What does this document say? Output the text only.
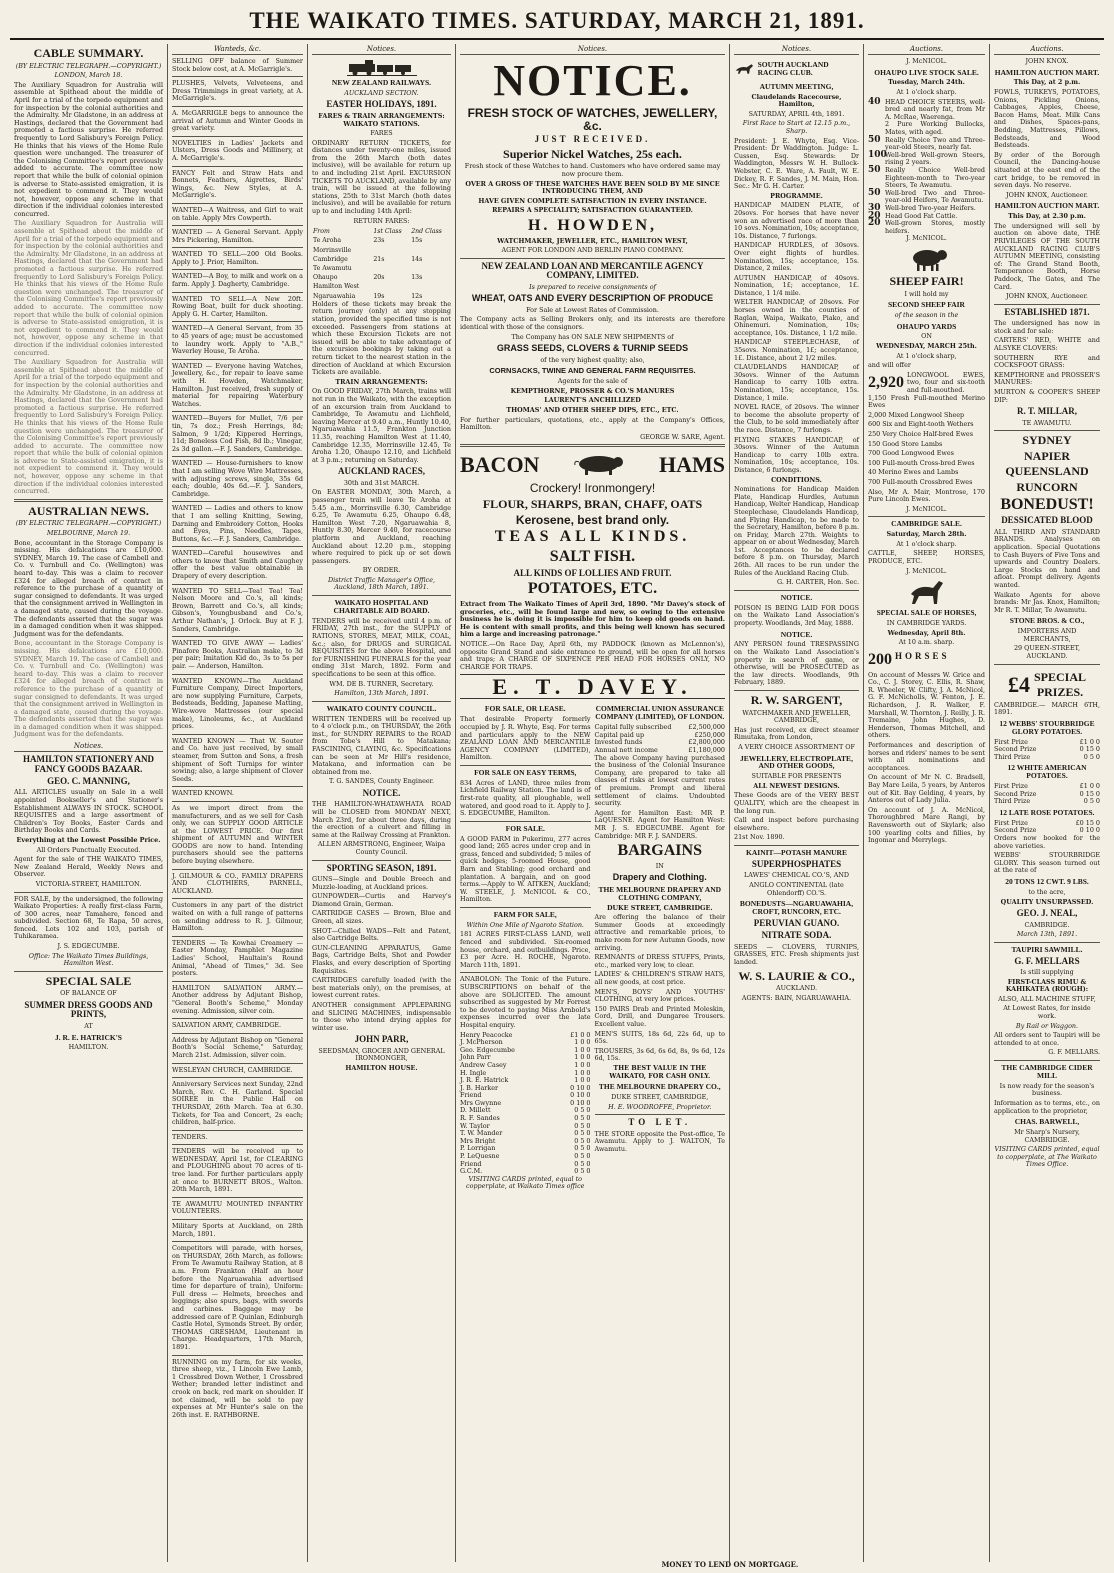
THE WAIKATO TIMES. SATURDAY, MARCH 21, 1891.
CABLE SUMMARY.

(BY ELECTRIC TELEGRAPH.—COPYRIGHT.)

LONDON, March 18.

The Auxiliary Squadron for Australia will assemble at Spithead about the middle of April for a trial of the torpedo equipment and for inspection by the colonial authorities and the Admiralty. Mr Gladstone, in an address at Hastings, declared that the Government had promoted a factious surprise. He referred frequently to Lord Salisbury's Foreign Policy. He thinks that his views of the Home Rule question were unchanged. The treasurer of the Colonising Committee's report previously added to accurate. The committee now report that while the bulk of colonial opinion is adverse to State-assisted emigration, it is not expedient to commend it. They would not, however, oppose any scheme in that direction if the individual colonies interested concurred.

The Auxiliary Squadron for Australia will assemble at Spithead about the middle of April for a trial of the torpedo equipment and for inspection by the colonial authorities and the Admiralty. Mr Gladstone, in an address at Hastings, declared that the Government had promoted a factious surprise. He referred frequently to Lord Salisbury's Foreign Policy. He thinks that his views of the Home Rule question were unchanged. The treasurer of the Colonising Committee's report previously added to accurate. The committee now report that while the bulk of colonial opinion is adverse to State-assisted emigration, it is not expedient to commend it. They would not, however, oppose any scheme in that direction if the individual colonies interested concurred.

The Auxiliary Squadron for Australia will assemble at Spithead about the middle of April for a trial of the torpedo equipment and for inspection by the colonial authorities and the Admiralty. Mr Gladstone, in an address at Hastings, declared that the Government had promoted a factious surprise. He referred frequently to Lord Salisbury's Foreign Policy. He thinks that his views of the Home Rule question were unchanged. The treasurer of the Colonising Committee's report previously added to accurate. The committee now report that while the bulk of colonial opinion is adverse to State-assisted emigration, it is not expedient to commend it. They would not, however, oppose any scheme in that direction if the individual colonies interested concurred.

AUSTRALIAN NEWS.

(BY ELECTRIC TELEGRAPH.—COPYRIGHT.)

MELBOURNE, March 19.

Bone, accountant in the Storage Company is missing. His defalcations are £10,000. SYDNEY, March 19. The case of Cambell and Co. v. Turnbull and Co. (Wellington) was heard to-day. This was a claim to recover £324 for alleged breach of contract in reference to the purchase of a quantity of sugar consigned to defendants. It was urged that the consignment arrived in Wellington in a damaged state, caused during the voyage. The defendants asserted that the sugar was in a damaged condition when it was shipped. Judgment was for the defendants.

Bone, accountant in the Storage Company is missing. His defalcations are £10,000. SYDNEY, March 19. The case of Cambell and Co. v. Turnbull and Co. (Wellington) was heard to-day. This was a claim to recover £324 for alleged breach of contract in reference to the purchase of a quantity of sugar consigned to defendants. It was urged that the consignment arrived in Wellington in a damaged state, caused during the voyage. The defendants asserted that the sugar was in a damaged condition when it was shipped. Judgment was for the defendants.

Notices.
HAMILTON STATIONERY AND FANCY GOODS BAZAAR.
GEO. C. MANNING,

ALL ARTICLES usually on Sale in a well appointed Bookseller's and Stationer's Establishment ALWAYS IN STOCK. SCHOOL REQUISITES and a large assortment of Children's Toy Books, Easter Cards and Birthday Books and Cards.

Everything at the Lowest Possible Price.

All Orders Punctually Executed.

Agent for the sale of THE WAIKATO TIMES, New Zealand Herald, Weekly News and Observer.

VICTORIA-STREET, HAMILTON.

FOR SALE, by the undersigned, the following Waikato Properties: A really first-class Farm, of 300 acres, near Tamahere, fenced and subdivided. Section 68, Te Rapa, 50 acres, fenced. Lots 102 and 103, parish of Tuhikaramea.

J. S. EDGECUMBE.

Office: The Waikato Times Buildings, Hamilton West.

SPECIAL SALE

OF BALANCE OF

SUMMER DRESS GOODS AND PRINTS,

AT

J. R. E. HATRICK'S

HAMILTON.

Wanteds, &c.

SELLING OFF balance of Summer Stock below cost, at A. McGarrigle's.

PLUSHES, Velvets, Velveteens, and Dress Trimmings in great variety, at A. McGarrigle's.

A. McGARRIGLE begs to announce the arrival of Autumn and Winter Goods in great variety.

NOVELTIES in Ladies' Jackets and Ulsters, Dress Goods and Millinery, at A. McGarrigle's.

FANCY Felt and Straw Hats and Bonnets, Feathers, Aigrettes, Birds' Wings, &c. New Styles, at A. McGarrigle's.

WANTED—A Waitress, and Girl to wait on table. Apply Mrs Cowperth.

WANTED — A General Servant. Apply Mrs Pickering, Hamilton.

WANTED TO SELL—200 Old Books. Apply to J. Prior, Hamilton.

WANTED—A Boy, to milk and work on a farm. Apply J. Dagherty, Cambridge.

WANTED TO SELL—A New 20ft. Rowing Boat, built for duck shooting. Apply G. H. Carter, Hamilton.

WANTED—A General Servant, from 35 to 45 years of age; must be accustomed to laundry work. Apply to "A.B.," Waverley House, Te Aroha.

WANTED — Everyone having Watches, Jewellery, &c., for repair to leave same with H. Howden, Watchmaker, Hamilton. Just received, fresh supply of material for repairing Waterbury Watches.

WANTED—Buyers for Mullet, 7/6 per tin, 7s doz.; Fresh Herrings, 8d; Salmon, 9 1/2d; Kippered Herrings, 11d; Boneless Cod Fish, 8d lb.; Vinegar, 2s 3d gallon.—F. J. Sanders, Cambridge.

WANTED — House-furnishers to know that I am selling Wove Wire Mattresses, with adjusting screws, single, 35s 6d each; double, 40s 6d.—F. J. Sanders, Cambridge.

WANTED — Ladies and others to know that I am selling Knitting, Sewing, Darning and Embroidery Cotton, Hooks and Eyes, Pins, Needles, Tapes, Buttons, &c.—F. J. Sanders, Cambridge.

WANTED—Careful housewives and others to know that Smith and Caughey offer the best value obtainable in Drapery of every description.

WANTED TO SELL—Tea! Tea! Tea! Nelson Moore and Co.'s, all kinds; Brown, Barrett and Co.'s, all kinds; Gibson's, Youngbusband and Co.'s, Arthur Nathan's, J. Orlock. Buy at F. J. Sanders, Cambridge.

WANTED TO GIVE AWAY — Ladies' Pinafore Books, Australian make, to 3d per pair; Imitation Kid do., 3s to 5s per pair. — Anderson, Hamilton.

WANTED KNOWN—The Auckland Furniture Company, Direct Importers, are now supplying Furniture, Carpets, Bedsteads, Bedding, Japanese Matting, Wire-wove Mattresses (our special make), Linoleums, &c., at Auckland prices.

WANTED KNOWN — That W. Souter and Co. have just received, by small steamer, from Sutton and Sons, a fresh shipment of Soft Turnips for winter sowing; also, a large shipment of Clover Seeds.

WANTED KNOWN.

As we import direct from the manufacturers, and as we sell for Cash only, we can SUPPLY GOOD ARTICLE at the LOWEST PRICE. Our first shipment of AUTUMN and WINTER GOODS are now to hand. Intending purchasers should see the patterns before buying elsewhere.

J. GILMOUR & CO., FAMILY DRAPERS AND CLOTHIERS, PARNELL, AUCKLAND.

Customers in any part of the district waited on with a full range of patterns on sending address to R. J. Gilmour, Hamilton.

TENDERS — Te Kowhai Creamery — Easter Monday, Pamphlet Magazine Ladies' School, Haultain's Round Animal, "Ahead of Times," 3d. See posters.

HAMILTON SALVATION ARMY.— Another address by Adjutant Bishop, "General Booth's Scheme," Monday evening. Admission, silver coin.

SALVATION ARMY, CAMBRIDGE.

Address by Adjutant Bishop on "General Booth's Social Scheme," Saturday, March 21st. Admission, silver coin.

WESLEYAN CHURCH, CAMBRIDGE.

Anniversary Services next Sunday, 22nd March, Rev. C. H. Garland. Special SOIREE in the Public Hall on THURSDAY, 26th March. Tea at 6.30. Tickets, for Tea and Concert, 2s each; children, half-price.

TENDERS.

TENDERS will be received up to WEDNESDAY, April 1st, for CLEARING and PLOUGHING about 70 acres of ti-tree land. For further particulars apply at once to BURNETT BROS., Walton. 20th March, 1891.

TE AWAMUTU MOUNTED INFANTRY VOLUNTEERS.

Military Sports at Auckland, on 28th March, 1891.

Competitors will parade, with horses, on THURSDAY, 26th March, as follows: From Te Awamutu Railway Station, at 8 a.m. From Frankton (Half an hour before the Ngaruawahia advertised time for departure of train), Uniform: Full dress — Helmets, breeches and leggings; also spurs, bags, with swords and carbines. Baggage may be addressed care of P. Quinlan, Edinburgh Castle Hotel, Symonds Street. By order, THOMAS GRESHAM, Lieutenant in Charge. Headquarters, 17th March, 1891.

RUNNING on my farm, for six weeks, three sheep, viz., 1 Lincoln Ewe Lamb, 1 Crossbred Down Wether, 1 Crossbred Wether; branded letter indistinct and crook on back, red mark on shoulder. If not claimed, will be sold to pay expenses at Mr Hunter's sale on the 26th inst. E. RATHBORNE.

Notices.
NEW ZEALAND RAILWAYS.

AUCKLAND SECTION.

EASTER HOLIDAYS, 1891.

FARES & TRAIN ARRANGEMENTS: WAIKATO STATIONS.

FARES

ORDINARY RETURN TICKETS, for distances under twenty-one miles, issued from the 26th March (both dates inclusive), will be available for return up to and including 21st April. EXCURSION TICKETS TO AUCKLAND, available by any train, will be issued at the following stations, 25th to 31st March (both dates inclusive), and will be available for return up to and including 14th April:

RETURN FARES:

From	1st Class	2nd Class
Te Aroha	23s	15s
Morrinsville		
Cambridge	21s	14s
Te Awamutu		
Ohaupo	20s	13s
Hamilton West		
Ngaruawahia	19s	12s

Holders of these tickets may break the return journey (only) at any stopping station, provided the specified time is not exceeded. Passengers from stations at which these Excursion Tickets are not issued will be able to take advantage of the excursion bookings by taking out a return ticket to the nearest station in the direction of Auckland at which Excursion Tickets are available.

TRAIN ARRANGEMENTS:

On GOOD FRIDAY, 27th March, trains will not run in the Waikato, with the exception of an excursion train from Auckland to Cambridge, Te Awamutu and Lichfield, leaving Mercer at 9.40 a.m., Huntly 10.40, Ngaruawahia 11.5, Frankton Junction 11.35, reaching Hamilton West at 11.40, Cambridge 12.35, Morrinsville 12.45, Te Aroha 1.20, Ohaupo 12.10, and Lichfield at 3 p.m.; returning on Saturday.

AUCKLAND RACES,

30th and 31st MARCH.

On EASTER MONDAY, 30th March, a passenger train will leave Te Aroha at 5.45 a.m., Morrinsville 6.30, Cambridge 6.25, Te Awamutu 6.25, Ohaupo 6.48, Hamilton West 7.20, Ngaruawahia 8, Huntly 8.30, Mercer 9.40, for racecourse platform and Auckland, reaching Auckland about 12.20 p.m., stopping where required to pick up or set down passengers.

BY ORDER.

District Traffic Manager's Office, Auckland, 18th March, 1891.

WAIKATO HOSPITAL AND CHARITABLE AID BOARD.

TENDERS will be received until 4 p.m. of FRIDAY, 27th inst., for the SUPPLY of RATIONS, STORES, MEAT, MILK, COAL, &c.; also, for DRUGS and SURGICAL REQUISITES for the above Hospital, and for FURNISHING FUNERALS for the year ending 31st March, 1892. Form and specifications to be seen at this office.

WM. DE B. TURNER, Secretary.

Hamilton, 13th March, 1891.

WAIKATO COUNTY COUNCIL.

WRITTEN TENDERS will be received up to 4 o'clock p.m., on THURSDAY, the 26th inst., for SUNDRY REPAIRS to the ROAD from Tobe's Hill to Matakana; FASCINING, CLAYING, &c. Specifications can be seen at Mr Hill's residence, Matakana, and information can be obtained from me.

T. G. SANDES, County Engineer.

NOTICE.

THE HAMILTON-WHATAWHATA ROAD will be CLOSED from MONDAY NEXT, March 23rd, for about three days, during the erection of a culvert and filling in same at the Railway Crossing at Frankton.

ALLEN ARMSTRONG, Engineer, Waipa County Council.

SPORTING SEASON, 1891.

GUNS—Single and Double Breech and Muzzle-loading, at Auckland prices.

GUNPOWDER—Curtis and Harvey's Diamond Grain, German.

CARTRIDGE CASES — Brown, Blue and Green, all sizes.

SHOT—Chilled WADS—Felt and Patent, also Cartridge Belts.

GUN-CLEANING APPARATUS, Game Bags, Cartridge Belts, Shot and Powder Flasks, and every description of Sporting Requisites.

CARTRIDGES carefully loaded (with the best materials only), on the premises, at lowest current rates.

ANOTHER consignment APPLEPARING and SLICING MACHINES, indispensable to those who intend drying apples for winter use.

JOHN PARR,

SEEDSMAN, GROCER AND GENERAL IRONMONGER,

HAMILTON HOUSE.

Notices.
NOTICE.
FRESH STOCK OF WATCHES, JEWELLERY, &c.
JUST RECEIVED.
Superior Nickel Watches, 25s each.

Fresh stock of these Watches to hand. Customers who have ordered same may now procure them.

OVER A GROSS OF THESE WATCHES HAVE BEEN SOLD BY ME SINCE INTRODUCING THEM, AND

HAVE GIVEN COMPLETE SATISFACTION IN EVERY INSTANCE.

REPAIRS A SPECIALITY; SATISFACTION GUARANTEED.

H. HOWDEN,

WATCHMAKER, JEWELLER, ETC., HAMILTON WEST,

AGENT FOR LONDON AND BERLIN PIANO COMPANY.

NEW ZEALAND LOAN AND MERCANTILE AGENCY COMPANY, LIMITED.

Is prepared to receive consignments of

WHEAT, OATS AND EVERY DESCRIPTION OF PRODUCE

For Sale at Lowest Rates of Commission.

The Company acts as Selling Brokers only, and its interests are therefore identical with those of the consignors.

The Company has ON SALE NEW SHIPMENTS of

GRASS SEEDS, CLOVERS & TURNIP SEEDS

of the very highest quality; also,

CORNSACKS, TWINE AND GENERAL FARM REQUISITES.

Agents for the sale of

KEMPTHORNE, PROSSER & CO.'S MANURES

LAURENT'S ANCHILLIZED

THOMAS' AND OTHER SHEEP DIPS, ETC., ETC.

For further particulars, quotations, etc., apply at the Company's Offices, Hamilton.

GEORGE W. SARE, Agent.

BACON	HAMS
Crockery! Ironmongery!
FLOUR, SHARPS, BRAN, CHAFF, OATS
Kerosene, best brand only.
TEAS ALL KINDS.
SALT FISH.
ALL KINDS OF LOLLIES AND FRUIT.
POTATOES, ETC.

Extract from The Waikato Times of April 3rd, 1890. "Mr Davey's stock of groceries, etc., will be found large and new, so owing to the extensive business he is doing it is impossible for him to keep old goods on hand. He is content with small profits, and this being well known has secured him a large and increasing patronage."

NOTICE.—On Race Day, April 6th, my PADDOCK (known as McLennon's), opposite Grand Stand and side entrance to ground, will be open for all horses and traps; A CHARGE OF SIXPENCE PER HEAD FOR HORSES ONLY, NO CHARGE FOR TRAPS.

E. T. DAVEY.
FOR SALE, OR LEASE.

That desirable Property formerly occupied by J. R. Whyte, Esq. For terms and particulars apply to the NEW ZEALAND LOAN AND MERCANTILE AGENCY COMPANY (LIMITED), Hamilton.

FOR SALE ON EASY TERMS,

834 Acres of LAND, three miles from Lichfield Railway Station. The land is of first-rate quality, all ploughable, well watered, and good road to it. Apply to J. S. EDGECUMBE, Hamilton.

FOR SALE.

A GOOD FARM in Pukerimu, 277 acres good land; 265 acres under crop and in grass, fenced and subdivided; 5 miles of quick hedges; 5-roomed House, good Barn and Stabling; good orchard and plantation. A bargain, and on good terms.—Apply to W. AITKEN, Auckland; W. STEELE, J. McNICOL & CO., Hamilton.

FARM FOR SALE,

Within One Mile of Ngaroto Station.

181 ACRES FIRST-CLASS LAND, well fenced and subdivided. Six-roomed house, orchard, and outbuildings. Price, £3 per Acre. H. ROCHE, Ngaroto. March 11th, 1891.

ANABOLON: The Tonic of the Future. SUBSCRIPTIONS on behalf of the above are SOLICITED. The amount subscribed as suggested by Mr Forrest to be devoted to paying Miss Arnbold's expenses incurred over the late Hospital enquiry.

Henry Peacocke	£1 0 0
J. McPherson	1 0 0
Geo. Edgecumbe	1 0 0
John Parr	1 0 0
Andrew Casey	1 0 0
H. Ingle	1 0 0
J. R. E. Hatrick	1 0 0
J. B. Harker	0 10 0
Friend	0 10 0
Mrs Gwynne	0 10 0
D. Millett	0 5 0
R. F. Sandes	0 5 0
W. Taylor	0 5 0
T. W. Mander	0 5 0
Mrs Bright	0 5 0
P. Lorrigan	0 5 0
P. LeQuesne	0 5 0
Friend	0 5 0
G.C.M.	0 5 0

VISITING CARDS printed, equal to copperplate, at Waikato Times office

COMMERCIAL UNION ASSURANCE COMPANY (LIMITED), OF LONDON.
Capital fully subscribed	£2,500,000
Capital paid up	£250,000
Invested funds	£2,800,000
Annual nett income	£1,180,000

The above Company having purchased the business of the Colonial Insurance Company, are prepared to take all classes of risks at lowest current rates of premium. Prompt and liberal settlement of claims. Undoubted security.

Agent for Hamilton East: MR P. LaQUESNE. Agent for Hamilton West: MR J. S. EDGECUMBE. Agent for Cambridge: MR F. J. SANDERS.

BARGAINS

IN

Drapery and Clothing.
THE MELBOURNE DRAPERY AND CLOTHING COMPANY,

DUKE STREET, CAMBRIDGE.

Are offering the balance of their Summer Goods at exceedingly attractive and remarkable prices, to make room for new Autumn Goods, now arriving.

REMNANTS of DRESS STUFFS, Prints, etc., marked very low, to clear.

LADIES' & CHILDREN'S STRAW HATS, all new goods, at cost price.

MEN'S, BOYS' AND YOUTHS' CLOTHING, at very low prices.

150 PAIRS Drab and Printed Moleskin, Cord, Drill, and Dungaree Trousers. Excellent value.

MEN'S SUITS, 18s 6d, 22s 6d, up to 65s.

TROUSERS, 3s 6d, 6s 6d, 8s, 9s 6d, 12s 6d, 15s.

THE BEST VALUE IN THE WAIKATO, FOR CASH ONLY.

THE MELBOURNE DRAPERY CO.,

DUKE STREET, CAMBRIDGE,

H. E. WOODROFFE, Proprietor.

TO LET.

THE STORE opposite the Post-office, Te Awamutu. Apply to J. WALTON, Te Awamutu.

Notices.
SOUTH AUCKLAND RACING CLUB.
AUTUMN MEETING,

Claudelands Racecourse, Hamilton,

SATURDAY, APRIL 4th, 1891.

First Race to Start at 12.15 p.m., Sharp.

President: J. E. Whyte, Esq. Vice-President: Dr Waddington. Judge: L. Cussen, Esq. Stewards: Dr Waddington, Messrs W. H. Bullock-Webster, C. E. Ware, A. Fault, W. E. Dickey, R. F. Sandes, J. M. Main, Hon. Sec.: Mr G. H. Carter.

PROGRAMME.

HANDICAP MAIDEN PLATE, of 20sovs. For horses that have never won an advertised race of more than 10 sovs. Nomination, 10s; acceptance, 10s. Distance, 7 furlongs.

HANDICAP HURDLES, of 30sovs. Over eight flights of hurdles. Nomination, 15s; acceptance, 15s. Distance, 2 miles.

AUTUMN HANDICAP, of 40sovs. Nomination, 1£; acceptance, 1£. Distance, 1 1/4 mile.

WELTER HANDICAP, of 20sovs. For horses owned in the counties of Raglan, Waipa, Waikato, Piako, and Ohinemuri. Nomination, 10s; acceptance, 10s. Distance, 1 1/2 mile.

HANDICAP STEEPLECHASE, of 35sovs. Nomination, 1£; acceptance, 1£. Distance, about 2 1/2 miles.

CLAUDELANDS HANDICAP, of 30sovs. Winner of the Autumn Handicap to carry 10lb extra. Nomination, 15s; acceptance, 15s. Distance, 1 mile.

NOVEL RACE, of 20sovs. The winner to become the absolute property of the Club, to be sold immediately after the race. Distance, 7 furlongs.

FLYING STAKES HANDICAP, of 30sovs. Winner of the Autumn Handicap to carry 10lb extra. Nomination, 10s; acceptance, 10s. Distance, 6 furlongs.

CONDITIONS.

Nominations for Handicap Maiden Plate, Handicap Hurdles, Autumn Handicap, Welter Handicap, Handicap Steeplechase, Claudelands Handicap, and Flying Handicap, to be made to the Secretary, Hamilton, before 8 p.m. on Friday, March 27th. Weights to appear on or about Wednesday, March 1st. Acceptances to be declared before 8 p.m. on Thursday, March 26th. All races to be run under the Rules of the Auckland Racing Club.

G. H. CARTER, Hon. Sec.

NOTICE.

POISON IS BEING LAID FOR DOGS on the Waikato Land Association's property. Woodlands, 3rd May, 1888.

NOTICE.

ANY PERSON found TRESPASSING on the Waikato Land Association's property in search of game, or otherwise, will be PROSECUTED as the law directs. Woodlands, 9th February, 1889.

R. W. SARGENT,

WATCHMAKER AND JEWELLER, CAMBRIDGE,

Has just received, ex direct steamer Rimutaka, from London,

A VERY CHOICE ASSORTMENT OF

JEWELLERY, ELECTROPLATE, AND OTHER GOODS,

SUITABLE FOR PRESENTS

ALL NEWEST DESIGNS.

These Goods are of the VERY BEST QUALITY, which are the cheapest in the long run.

Call and inspect before purchasing elsewhere.

21st Nov. 1890.

KAINIT—POTASH MANURE
SUPERPHOSPHATES

LAWES' CHEMICAL CO.'S, AND

ANGLO CONTINENTAL (late Ohlendorff) CO.'S.

BONEDUSTS—NGARUAWAHIA, CROFT, RUNCORN, ETC.
PERUVIAN GUANO.
NITRATE SODA.

SEEDS — CLOVERS, TURNIPS, GRASSES, ETC. Fresh shipments just landed.

W. S. LAURIE & CO.,

AUCKLAND.

AGENTS: BAIN, NGARUAWAHIA.

Auctions.

J. McNICOL.

OHAUPO LIVE STOCK SALE.

Tuesday, March 24th.

At 1 o'clock sharp.

40 HEAD CHOICE STEERS, well-bred and nearly fat, from Mr A. McRae, Waerenga.
2 Pure Working Bullocks, Mates, with aged.
50 Really Choice Two and Three-year-old Steers, nearly fat.
100
Well-bred Well-grown Steers, rising 2 years.
50 Really Choice Well-bred Eighteen-month to Two-year Steers, Te Awamutu.
50 Well-bred Two and Three-year-old Heifers, Te Awamutu.
30 Well-bred Two-year Heifers.
20 Head Good Fat Cattle.
20 Well-grown Stores, mostly heifers.

J. McNICOL.

SHEEP FAIR!

I will hold my

SECOND SHEEP FAIR

of the season in the

OHAUPO YARDS

ON

WEDNESDAY, MARCH 25th.

At 1 o'clock sharp,

and will offer

2,920 LONGWOOL EWES, two, four and six-tooth and full-mouthed.

1,150 Fresh Full-mouthed Merino Ewes

2,000 Mixed Longwool Sheep

600 Six and Eight-tooth Wethers

250 Very Choice Half-bred Ewes

150 Good Store Lambs

700 Good Longwood Ewes

100 Full-mouth Cross-bred Ewes

40 Merino Ewes and Lambs

700 Full-mouth Crossbred Ewes

Also, Mr A. Mair, Montrose, 170 Pure Lincoln Ewes.

J. McNICOL.

CAMBRIDGE SALE.

Saturday, March 28th.

At 1 o'clock sharp.

CATTLE, SHEEP, HORSES, PRODUCE, ETC.

J. McNICOL.

SPECIAL SALE OF HORSES,

IN CAMBRIDGE YARDS.

Wednesday, April 8th.

At 10 a.m. sharp.

200 HORSES

On account of Messrs W. Grice and Co., C. J. Storey, C. Ellis, R. Shaw, R. Wheeler, W. Clifty, J. A. McNicol, G. F. McNicholls, W. Fenton, J. E. Richardson, J. R. Walker, F. Marshall, W. Thornton, J. Reilly, J. R. Tremaine, John Hughes, D. Henderson, Thomas Mitchell, and others.

Performances and description of horses and riders' names to be sent with all nominations and acceptances.

On account of Mr N. C. Bradsell, Bay Mare Leila, 5 years, by Anteros out of Kit. Bay Gelding, 4 years, by Anteros out of Lady Julia.

On account of J. A. McNicol, Thoroughbred Mare Rangi, by Ravensworth out of Skylark; also 100 yearling colts and fillies, by Ingomar and Merrylegs.

Auctions.

JOHN KNOX.

HAMILTON AUCTION MART.

This Day, at 2 p.m.

FOWLS, TURKEYS, POTATOES, Onions, Pickling Onions, Cabbages, Apples, Cheese, Bacon Hams, Meat. Milk Cans and Dishes, Spaces-pans, Bedding, Mattresses, Pillows, Bedsteads, and Wood Bedsteads.

By order of the Borough Council, the Dancing-house situated at the east end of the cart bridge, to be removed in seven days. No reserve.

JOHN KNOX, Auctioneer.

HAMILTON AUCTION MART.

This Day, at 2.30 p.m.

The undersigned will sell by auction on above date, THE PRIVILEGES OF THE SOUTH AUCKLAND RACING CLUB'S AUTUMN MEETING, consisting of: The Grand Stand Booth, Temperance Booth, Horse Paddock, The Gates, and The Card.

JOHN KNOX, Auctioneer.

ESTABLISHED 1871.

The undersigned has now in stock and for sale:

CARTERS' RED, WHITE and ALSYKE CLOVERS:

SOUTHERN RYE and COCKSFOOT GRASS:

KEMPTHORNE and PROSSER'S MANURES:

MURTON & COOPER'S SHEEP DIP:

R. T. MILLAR,

TE AWAMUTU.

SYDNEY
NAPIER
QUEENSLAND
RUNCORN
BONEDUST!
DESSICATED BLOOD

ALL THIRD AND STANDARD BRANDS. Analyses on application. Special Quotations to Cash Buyers of Five Tons and upwards and Country Dealers. Large Stocks on hand and afloat. Prompt delivery. Agents wanted.

Waikato Agents for above brands: Mr Jas. Knox, Hamilton; Mr R. T. Millar, Te Awamutu.

STONE BROS. & CO.,

IMPORTERS AND MERCHANTS,

29 QUEEN-STREET, AUCKLAND.

£4 SPECIAL
PRIZES.

CAMBRIDGE.— MARCH 6TH, 1891.

12 WEBBS' STOURBRIDGE GLORY POTATOES.
First Prize	£1 0 0
Second Prize	0 15 0
Third Prize	0 5 0
12 WHITE AMERICAN POTATOES.
First Prize	£1 0 0
Second Prize	0 15 0
Third Prize	0 5 0
12 LATE ROSE POTATOES.
First Prize	£0 15 0
Second Prize	0 10 0

Orders now booked for the above varieties.

WEBBS' STOURBRIDGE GLORY. This season turned out at the rate of

20 TONS 12 CWT. 9 LBS.

to the acre,

QUALITY UNSURPASSED.

GEO. J. NEAL,

CAMBRIDGE.

March 13th, 1891.

TAUPIRI SAWMILL.
G. F. MELLARS

Is still supplying

FIRST-CLASS RIMU & KAHIKATEA (ROUGH):

ALSO, ALL MACHINE STUFF,

At Lowest Rates, for inside work.

By Rail or Waggon.

All orders sent to Taupiri will be attended to at once.

G. F. MELLARS.

THE CAMBRIDGE CIDER MILL

Is now ready for the season's business.

Information as to terms, etc., on application to the proprietor,

CHAS. BARWELL,

Mr Sharp's Nursery, CAMBRIDGE.

VISITING CARDS printed, equal to copperplate, at The Waikato Times Office.

MONEY TO LEND ON MORTGAGE.
